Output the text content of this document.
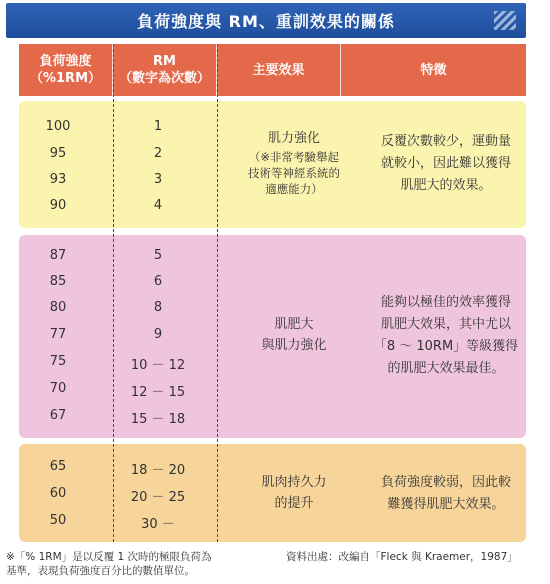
負荷強度與 RM、重訓效果的關係
負荷強度
（%1RM）
RM
（數字為次數）
主要效果	特徵
100
95
93
90
1
2
3
4
肌力強化
（※非常考驗舉起
技術等神經系統的
適應能力）
反覆次數較少，運動量
就較小，因此難以獲得
肌肥大的效果。
87
85
80
77
75
70
67
5
6
8
9
10 － 12
12 － 15
15 － 18
肌肥大
與肌力強化
能夠以極佳的效率獲得
肌肥大效果，其中尤以
「8 ～ 10RM」等級獲得
的肌肥大效果最佳。
65
60
50
18 － 20
20 － 25
30 －
肌肉持久力
的提升
負荷強度較弱，因此較
難獲得肌肥大效果。
※「% 1RM」是以反覆 1 次時的極限負荷為
基準，表現負荷強度百分比的數值單位。
資料出處：改編自「Fleck 與 Kraemer，1987」
